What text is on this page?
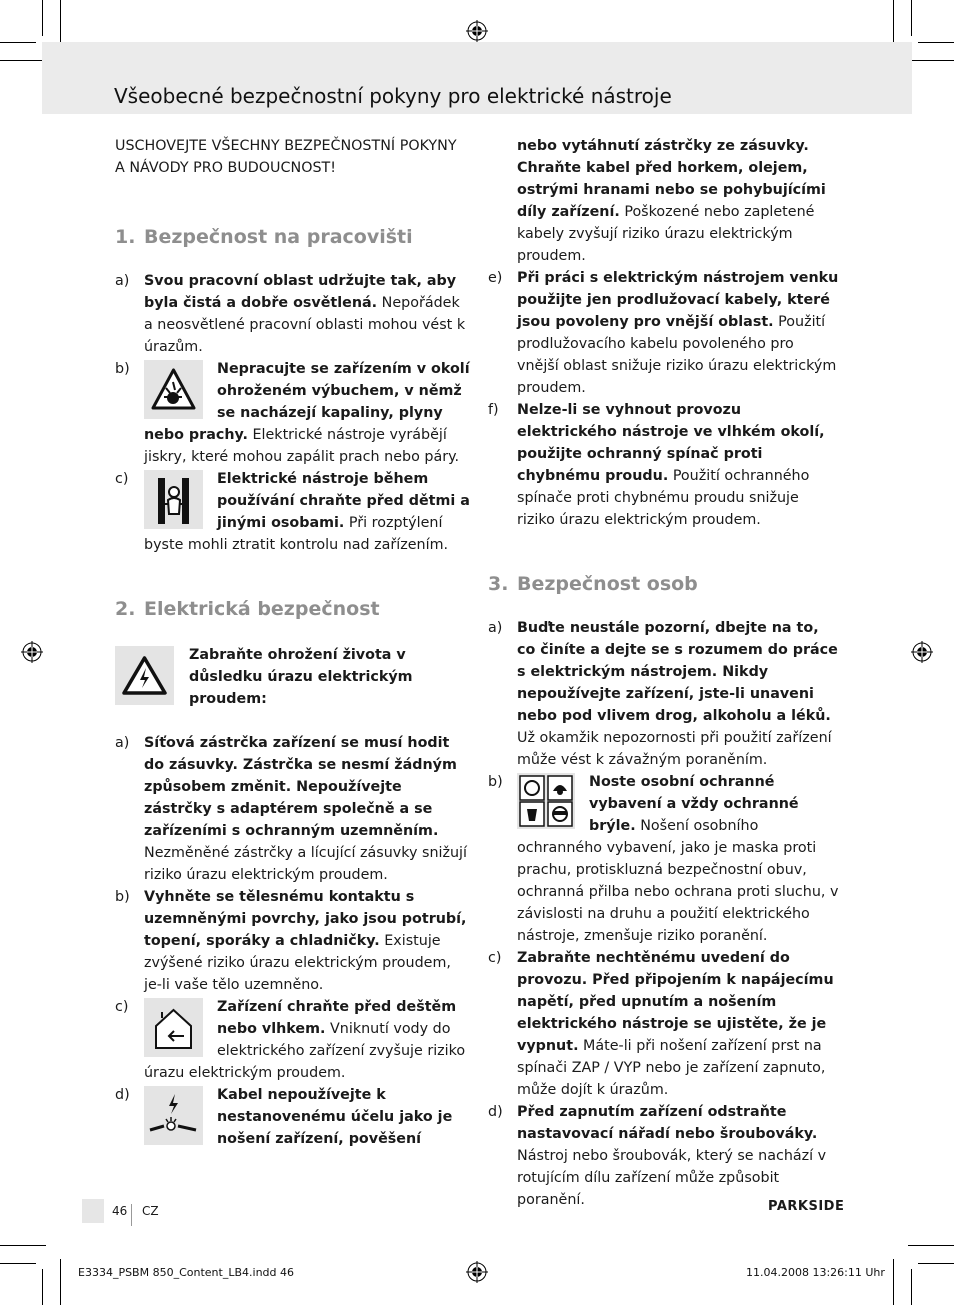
Všeobecné bezpečnostní pokyny pro elektrické nástroje
USCHOVEJTE VŠECHNY BEZPEČNOSTNÍ POKYNY
A NÁVODY PRO BUDOUCNOST!
1. Bezpečnost na pracovišti
a) Svou pracovní oblast udržujte tak, aby byla čistá a dobře osvětlená. Nepořádek a neosvětlené pracovní oblasti mohou vést k úrazům.
b)	Nepracujte se zařízením v okolí ohroženém výbuchem, v němž se nacházejí kapaliny, plyny nebo prachy. Elektrické nástroje vyrábějí jiskry, které mohou zapálit prach nebo páry.
c)	Elektrické nástroje během používání chraňte před dětmi a jinými osobami. Při rozptýlení byste mohli ztratit kontrolu nad zařízením.
2. Elektrická bezpečnost
Zabraňte ohrožení života v důsledku úrazu elektrickým proudem:
a) Síťová zástrčka zařízení se musí hodit do zásuvky. Zástrčka se nesmí žádným způsobem změnit. Nepoužívejte zástrčky s adaptérem společně a se zařízeními s ochranným uzemněním. Nezměněné zástrčky a lícující zásuvky snižují riziko úrazu elektrickým proudem.
b) Vyhněte se tělesnému kontaktu s uzemněnými povrchy, jako jsou potrubí, topení, sporáky a chladničky. Existuje zvýšené riziko úrazu elektrickým proudem, je-li vaše tělo uzemněno.
c)	Zařízení chraňte před deštěm nebo vlhkem. Vniknutí vody do elektrického zařízení zvyšuje riziko úrazu elektrickým proudem.
d)	Kabel nepoužívejte k nestanovenému účelu jako je nošení zařízení, pověšení
nebo vytáhnutí zástrčky ze zásuvky. Chraňte kabel před horkem, olejem, ostrými hranami nebo se pohybujícími díly zařízení. Poškozené nebo zapletené kabely zvyšují riziko úrazu elektrickým proudem.
e) Při práci s elektrickým nástrojem venku použijte jen prodlužovací kabely, které jsou povoleny pro vnější oblast. Použití prodlužovacího kabelu povoleného pro vnější oblast snižuje riziko úrazu elektrickým proudem.
f) Nelze-li se vyhnout provozu elektrického nástroje ve vlhkém okolí, použijte ochranný spínač proti chybnému proudu. Použití ochranného spínače proti chybnému proudu snižuje riziko úrazu elektrickým proudem.
3. Bezpečnost osob
a) Buďte neustále pozorní, dbejte na to, co činíte a dejte se s rozumem do práce s elektrickým nástrojem. Nikdy nepoužívejte zařízení, jste-li unaveni nebo pod vlivem drog, alkoholu a léků. Už okamžik nepozornosti při použití zařízení může vést k závažným poraněním.
b)	Noste osobní ochranné vybavení a vždy ochranné brýle. Nošení osobního ochranného vybavení, jako je maska proti prachu, protiskluzná bezpečnostní obuv, ochranná přilba nebo ochrana proti sluchu, v závislosti na druhu a použití elektrického nástroje, zmenšuje riziko poranění.
c) Zabraňte nechtěnému uvedení do provozu. Před připojením k napájecímu napětí, před upnutím a nošením elektrického nástroje se ujistěte, že je vypnut. Máte-li při nošení zařízení prst na spínači ZAP / VYP nebo je zařízení zapnuto, může dojít k úrazům.
d) Před zapnutím zařízení odstraňte nastavovací nářadí nebo šroubováky. Nástroj nebo šroubovák, který se nachází v rotujícím dílu zařízení může způsobit poranění.
46 CZ	PARKSIDE
E3334_PSBM 850_Content_LB4.indd 46	11.04.2008 13:26:11 Uhr
